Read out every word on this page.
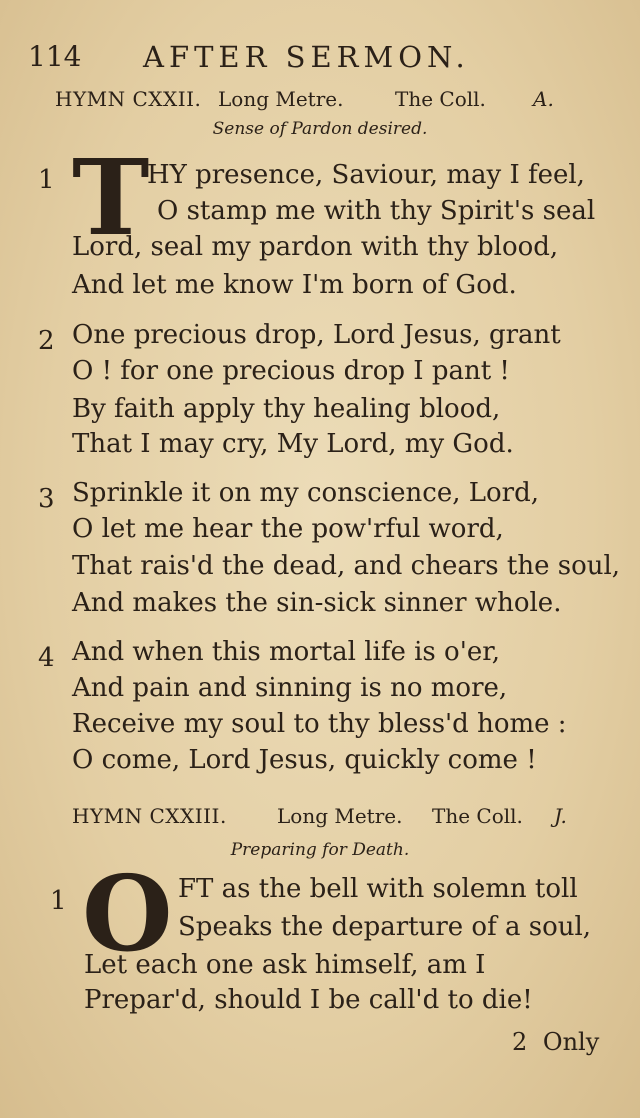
114 AFTER SERMON.
HYMN CXXII. Long Metre.	The Coll. A.
Sense of Pardon desired.
1 T
HY presence, Saviour, may I feel,
O stamp me with thy Spirit's seal
Lord, seal my pardon with thy blood,
And let me know I'm born of God.
2 One precious drop, Lord Jesus, grant
O ! for one precious drop I pant !
By faith apply thy healing blood,
That I may cry, My Lord, my God.
3 Sprinkle it on my conscience, Lord,
O let me hear the pow'rful word,
That rais'd the dead, and chears the soul,
And makes the sin-sick sinner whole.
4 And when this mortal life is o'er,
And pain and sinning is no more,
Receive my soul to thy bless'd home :
O come, Lord Jesus, quickly come !
HYMN CXXIII.	Long Metre. The Coll. J.
Preparing for Death.
1 O FT as the bell with solemn toll
Speaks the departure of a soul,
Let each one ask himself, am I
Prepar'd, should I be call'd to die!
2 Only
